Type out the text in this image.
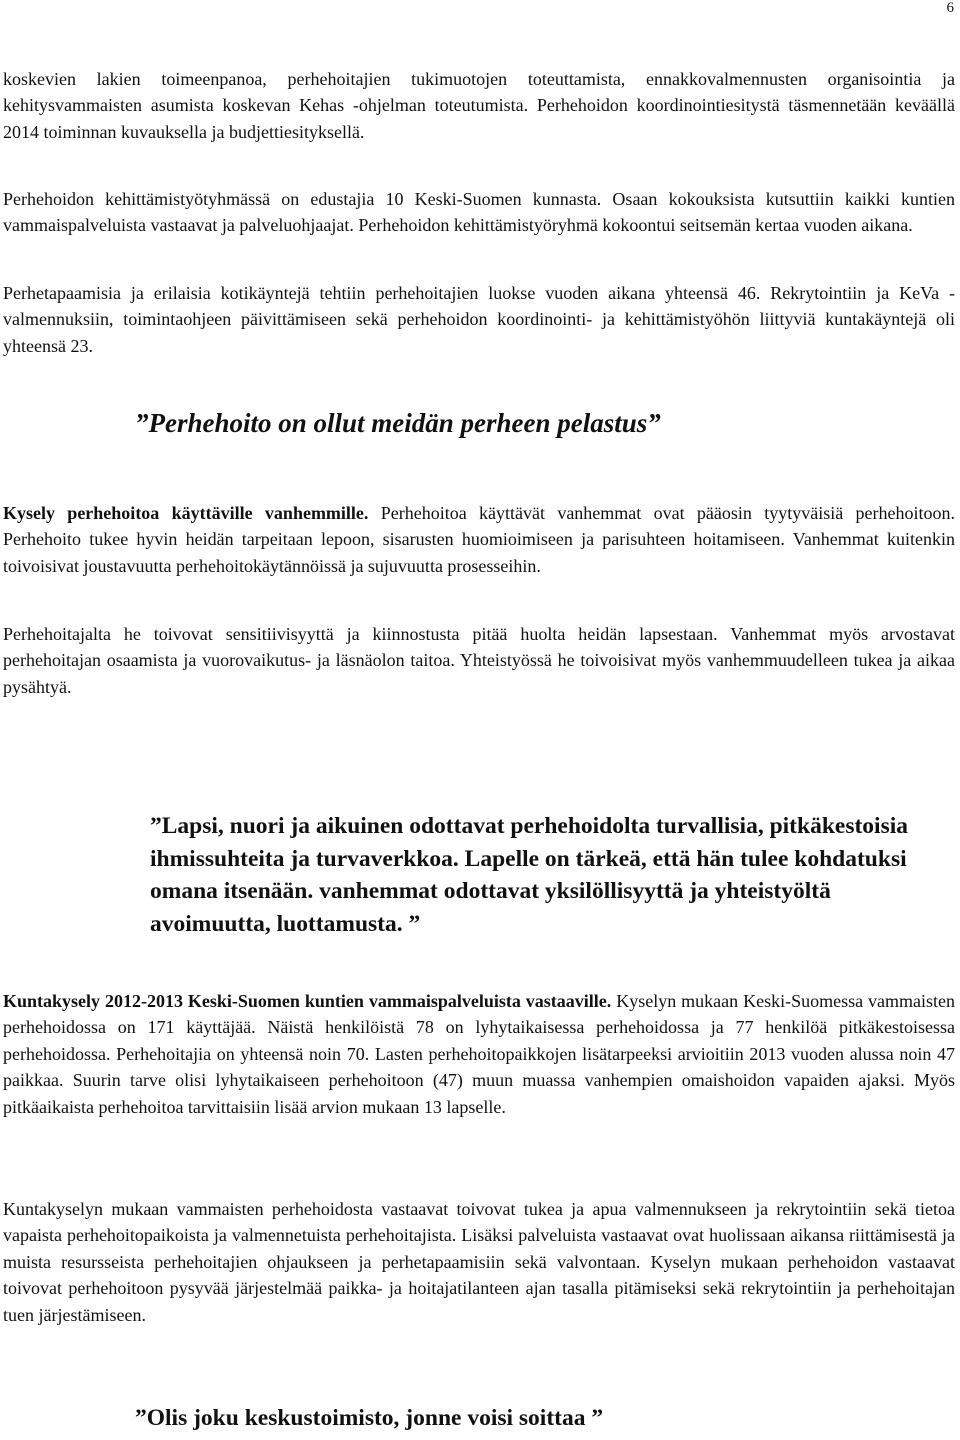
6

koskevien lakien toimeenpanoa, perhehoitajien tukimuotojen toteuttamista, ennakkovalmennusten organisointia ja kehitysvammaisten asumista koskevan Kehas -ohjelman toteutumista. Perhehoidon koordinointiesitystä täsmennetään keväällä 2014 toiminnan kuvauksella ja budjettiesityksellä.

Perhehoidon kehittämistyötyhmässä on edustajia 10 Keski-Suomen kunnasta. Osaan kokouksista kutsuttiin kaikki kuntien vammaispalveluista vastaavat ja palveluohjaajat. Perhehoidon kehittämistyöryhmä kokoontui seitsemän kertaa vuoden aikana.

Perhetapaamisia ja erilaisia kotikäyntejä tehtiin perhehoitajien luokse vuoden aikana yhteensä 46. Rekrytointiin ja KeVa -valmennuksiin, toimintaohjeen päivittämiseen sekä perhehoidon koordinointi- ja kehittämistyöhön liittyviä kuntakäyntejä oli yhteensä 23.

”Perhehoito on ollut meidän perheen pelastus”

Kysely perhehoitoa käyttäville vanhemmille. Perhehoitoa käyttävät vanhemmat ovat pääosin tyytyväisiä perhehoitoon. Perhehoito tukee hyvin heidän tarpeitaan lepoon, sisarusten huomioimiseen ja parisuhteen hoitamiseen. Vanhemmat kuitenkin toivoisivat joustavuutta perhehoitokäytännöissä ja sujuvuutta prosesseihin.

Perhehoitajalta he toivovat sensitiivisyyttä ja kiinnostusta pitää huolta heidän lapsestaan. Vanhemmat myös arvostavat perhehoitajan osaamista ja vuorovaikutus- ja läsnäolon taitoa. Yhteistyössä he toivoisivat myös vanhemmuudelleen tukea ja aikaa pysähtyä.

”Lapsi, nuori ja aikuinen odottavat perhehoidolta turvallisia, pitkäkestoisia ihmissuhteita ja turvaverkkoa. Lapelle on tärkeä, että hän tulee kohdatuksi omana itsenään. vanhemmat odottavat yksilöllisyyttä ja yhteistyöltä avoimuutta, luottamusta. ”

Kuntakysely 2012-2013 Keski-Suomen kuntien vammaispalveluista vastaaville. Kyselyn mukaan Keski-Suomessa vammaisten perhehoidossa on 171 käyttäjää. Näistä henkilöistä 78 on lyhytaikaisessa perhehoidossa ja 77 henkilöä pitkäkestoisessa perhehoidossa. Perhehoitajia on yhteensä noin 70. Lasten perhehoitopaikkojen lisätarpeeksi arvioitiin 2013 vuoden alussa noin 47 paikkaa. Suurin tarve olisi lyhytaikaiseen perhehoitoon (47) muun muassa vanhempien omaishoidon vapaiden ajaksi. Myös pitkäaikaista perhehoitoa tarvittaisiin lisää arvion mukaan 13 lapselle.

Kuntakyselyn mukaan vammaisten perhehoidosta vastaavat toivovat tukea ja apua valmennukseen ja rekrytointiin sekä tietoa vapaista perhehoitopaikoista ja valmennetuista perhehoitajista. Lisäksi palveluista vastaavat ovat huolissaan aikansa riittämisestä ja muista resursseista perhehoitajien ohjaukseen ja perhetapaamisiin sekä valvontaan. Kyselyn mukaan perhehoidon vastaavat toivovat perhehoitoon pysyvää järjestelmää paikka- ja hoitajatilanteen ajan tasalla pitämiseksi sekä rekrytointiin ja perhehoitajan tuen järjestämiseen.

”Olis joku keskustoimisto, jonne voisi soittaa ”
